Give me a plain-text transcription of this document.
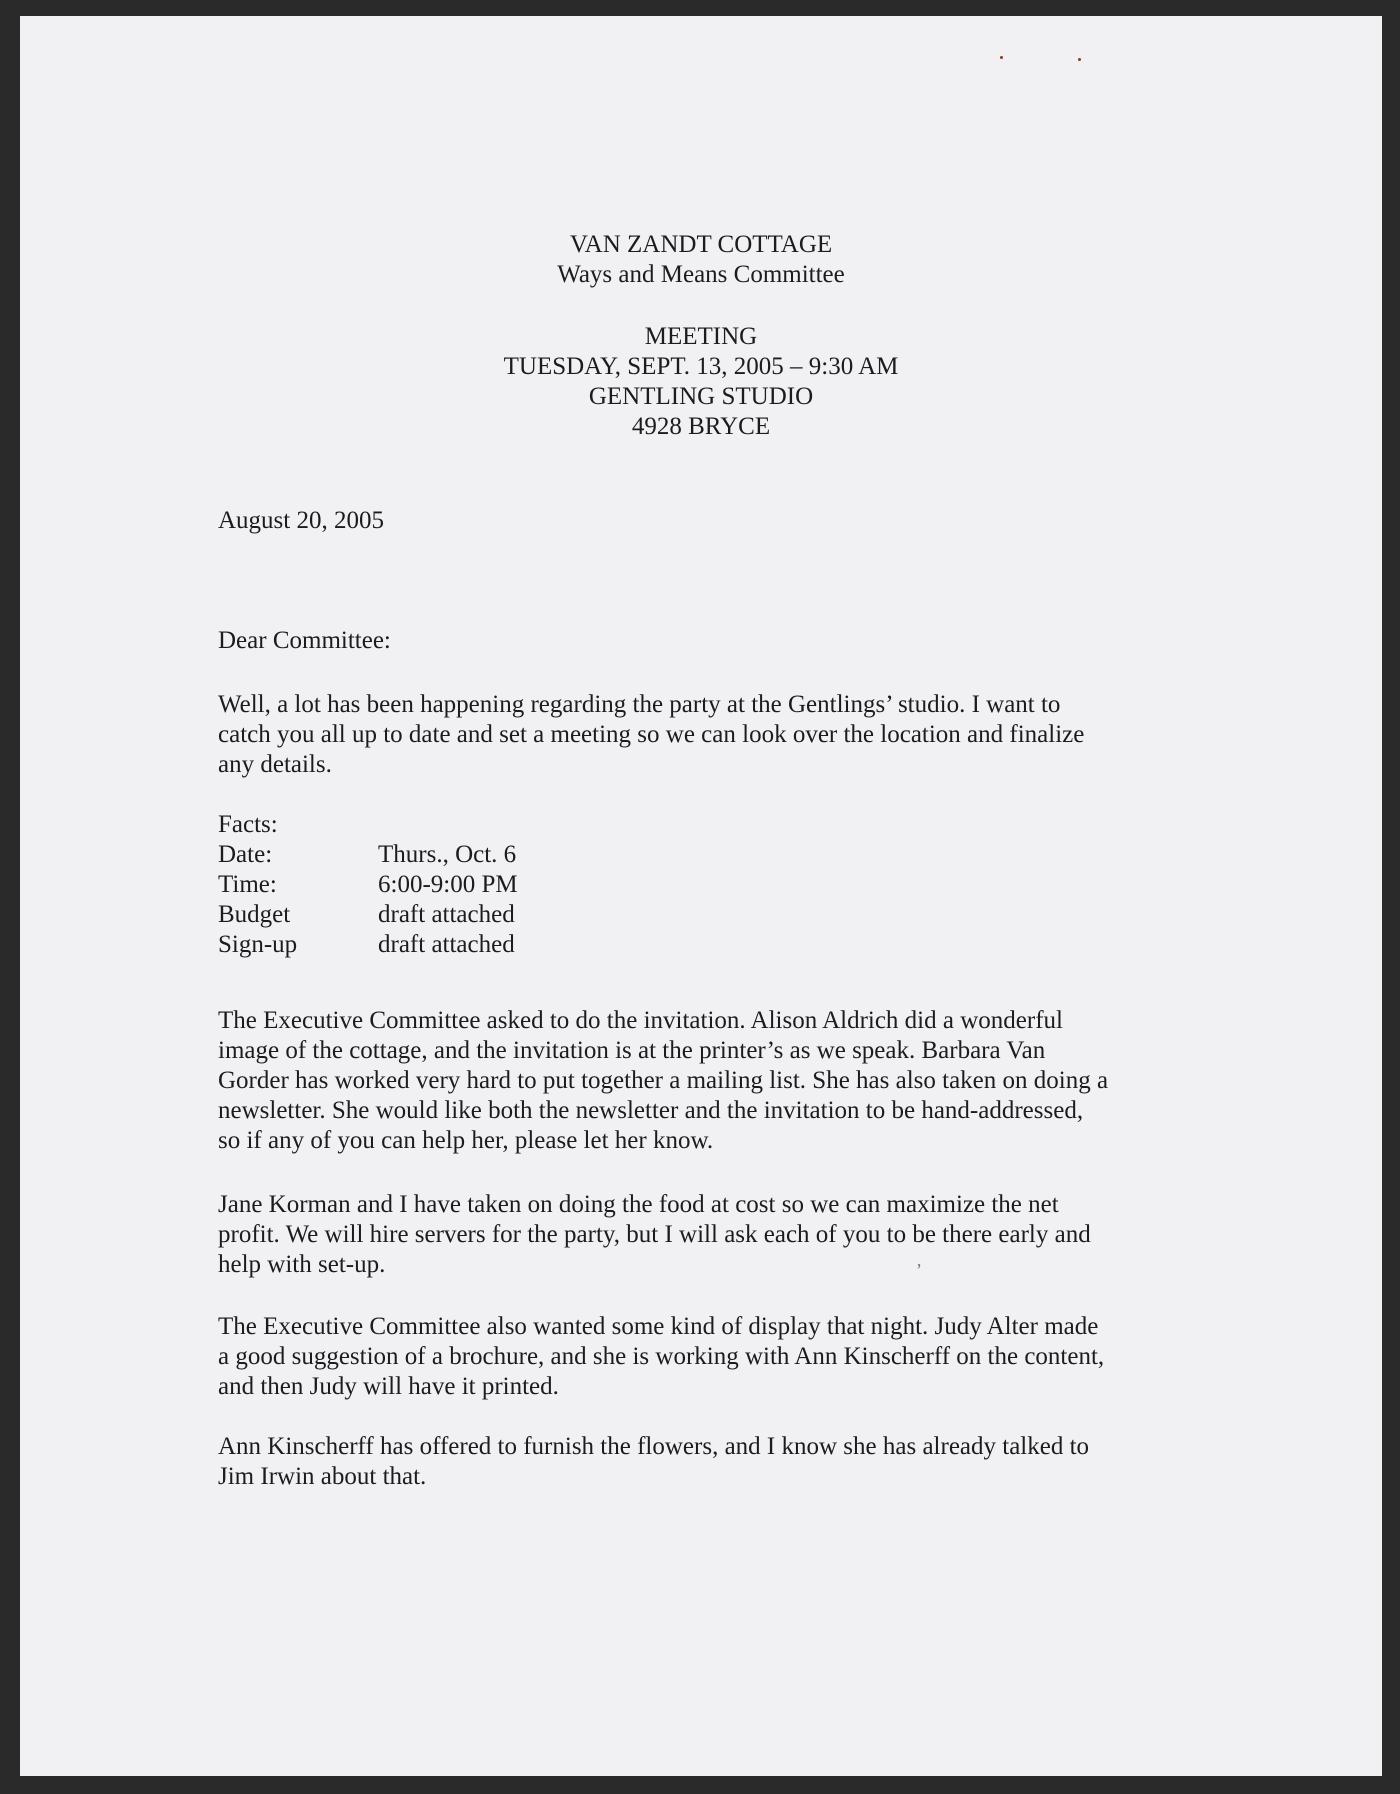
​
​
​
VAN ZANDT COTTAGE
Ways and Means Committee
MEETING
TUESDAY, SEPT. 13, 2005 – 9:30 AM
GENTLING STUDIO
4928 BRYCE
August 20, 2005
Dear Committee:
Well, a lot has been happening regarding the party at the Gentlings’ studio. I want to
catch you all up to date and set a meeting so we can look over the location and finalize
any details.
Facts:
Date:	Thurs., Oct. 6
Time:	6:00-9:00 PM
Budget	draft attached
Sign-up	draft attached
The Executive Committee asked to do the invitation. Alison Aldrich did a wonderful
image of the cottage, and the invitation is at the printer’s as we speak. Barbara Van
Gorder has worked very hard to put together a mailing list. She has also taken on doing a
newsletter. She would like both the newsletter and the invitation to be hand-addressed,
so if any of you can help her, please let her know.
Jane Korman and I have taken on doing the food at cost so we can maximize the net
profit. We will hire servers for the party, but I will ask each of you to be there early and
help with set-up.	ʼ
The Executive Committee also wanted some kind of display that night. Judy Alter made
a good suggestion of a brochure, and she is working with Ann Kinscherff on the content,
and then Judy will have it printed.
Ann Kinscherff has offered to furnish the flowers, and I know she has already talked to
Jim Irwin about that.
